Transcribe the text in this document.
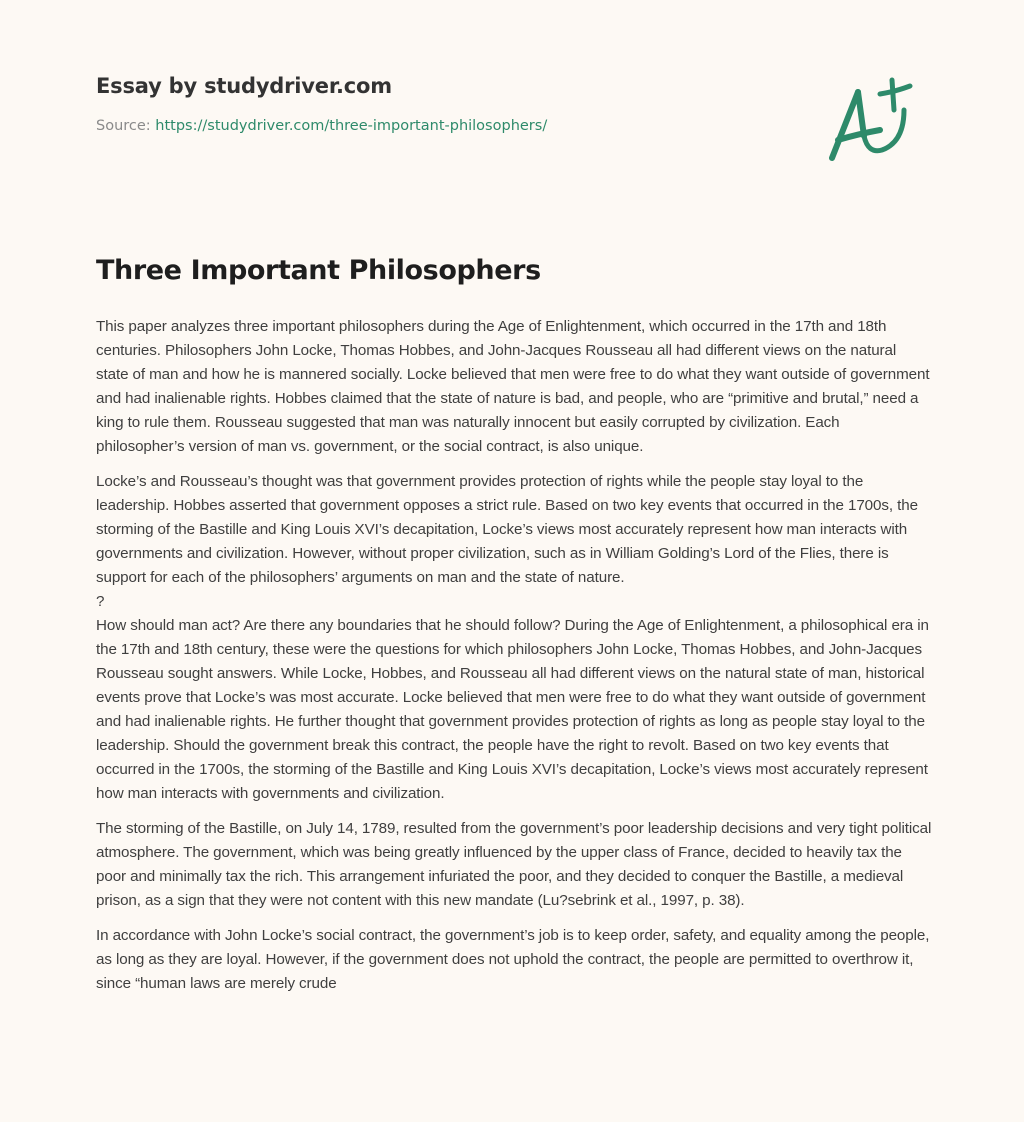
Essay by studydriver.com
Source: https://studydriver.com/three-important-philosophers/
Three Important Philosophers

This paper analyzes three important philosophers during the Age of Enlightenment, which occurred in the 17th and 18th centuries. Philosophers John Locke, Thomas Hobbes, and John-Jacques Rousseau all had different views on the natural state of man and how he is mannered socially. Locke believed that men were free to do what they want outside of government and had inalienable rights. Hobbes claimed that the state of nature is bad, and people, who are “primitive and brutal,” need a king to rule them. Rousseau suggested that man was naturally innocent but easily corrupted by civilization. Each philosopher’s version of man vs. government, or the social contract, is also unique.

Locke’s and Rousseau’s thought was that government provides protection of rights while the people stay loyal to the leadership. Hobbes asserted that government opposes a strict rule. Based on two key events that occurred in the 1700s, the storming of the Bastille and King Louis XVI’s decapitation, Locke’s views most accurately represent how man interacts with governments and civilization. However, without proper civilization, such as in William Golding’s Lord of the Flies, there is support for each of the philosophers’ arguments on man and the state of nature.

?

How should man act? Are there any boundaries that he should follow? During the Age of Enlightenment, a philosophical era in the 17th and 18th century, these were the questions for which philosophers John Locke, Thomas Hobbes, and John-Jacques Rousseau sought answers. While Locke, Hobbes, and Rousseau all had different views on the natural state of man, historical events prove that Locke’s was most accurate. Locke believed that men were free to do what they want outside of government and had inalienable rights. He further thought that government provides protection of rights as long as people stay loyal to the leadership. Should the government break this contract, the people have the right to revolt. Based on two key events that occurred in the 1700s, the storming of the Bastille and King Louis XVI’s decapitation, Locke’s views most accurately represent how man interacts with governments and civilization.

The storming of the Bastille, on July 14, 1789, resulted from the government’s poor leadership decisions and very tight political atmosphere. The government, which was being greatly influenced by the upper class of France, decided to heavily tax the poor and minimally tax the rich. This arrangement infuriated the poor, and they decided to conquer the Bastille, a medieval prison, as a sign that they were not content with this new mandate (Lu?sebrink et al., 1997, p. 38).

In accordance with John Locke’s social contract, the government’s job is to keep order, safety, and equality among the people, as long as they are loyal. However, if the government does not uphold the contract, the people are permitted to overthrow it, since “human laws are merely crude
